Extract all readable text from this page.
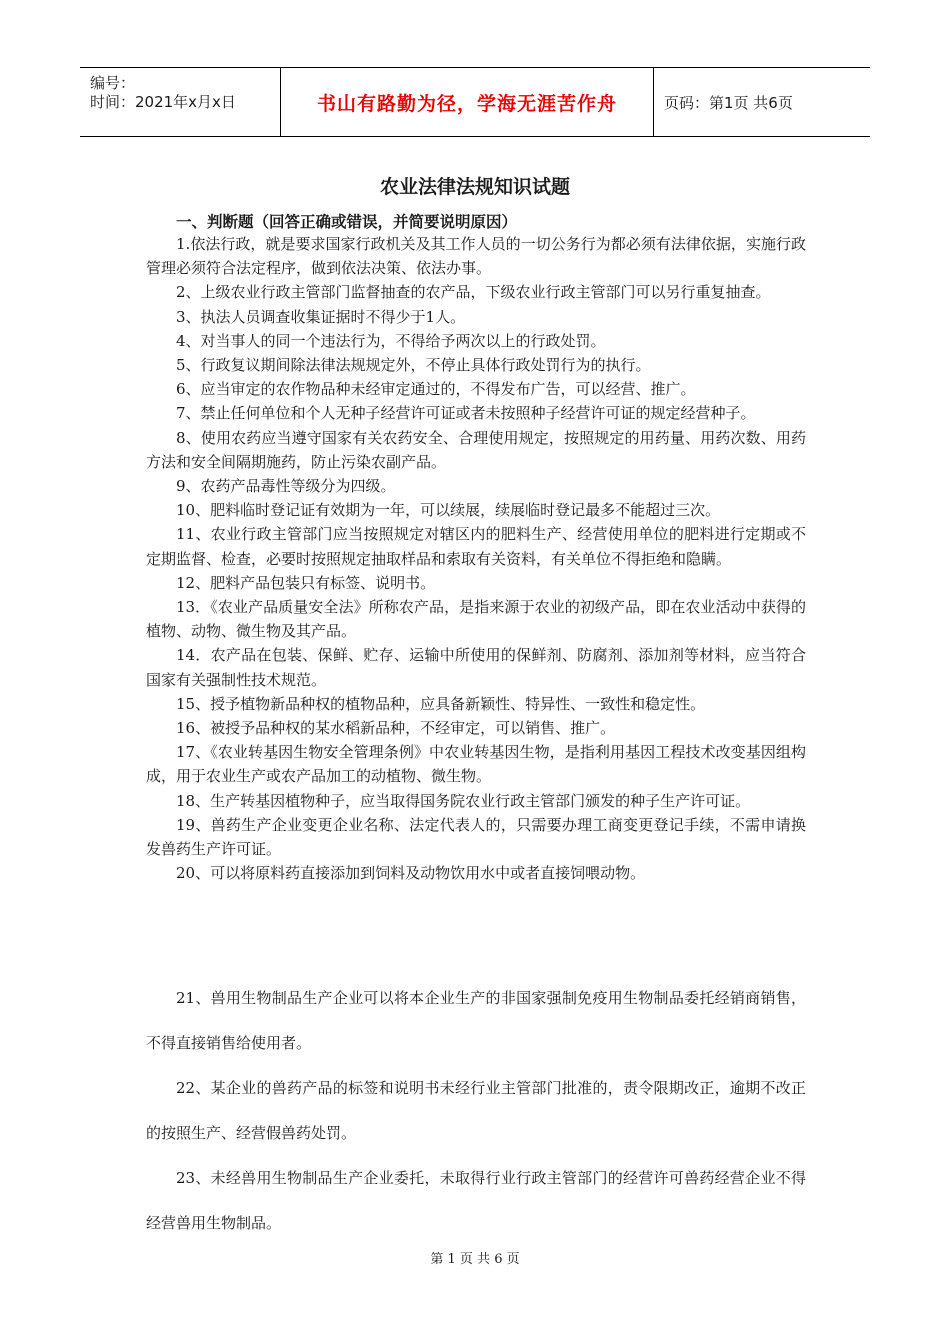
编号：
时间：2021年x月x日	书山有路勤为径，学海无涯苦作舟	页码：第1页 共6页
农业法律法规知识试题
一、判断题（回答正确或错误，并简要说明原因）

1.依法行政，就是要求国家行政机关及其工作人员的一切公务行为都必须有法律依据，实施行政管理必须符合法定程序，做到依法决策、依法办事。

2、上级农业行政主管部门监督抽查的农产品，下级农业行政主管部门可以另行重复抽查。

3、执法人员调查收集证据时不得少于1人。

4、对当事人的同一个违法行为，不得给予两次以上的行政处罚。

5、行政复议期间除法律法规规定外，不停止具体行政处罚行为的执行。

6、应当审定的农作物品种未经审定通过的，不得发布广告，可以经营、推广。

7、禁止任何单位和个人无种子经营许可证或者未按照种子经营许可证的规定经营种子。

8、使用农药应当遵守国家有关农药安全、合理使用规定，按照规定的用药量、用药次数、用药方法和安全间隔期施药，防止污染农副产品。

9、农药产品毒性等级分为四级。

10、肥料临时登记证有效期为一年，可以续展，续展临时登记最多不能超过三次。

11、农业行政主管部门应当按照规定对辖区内的肥料生产、经营使用单位的肥料进行定期或不定期监督、检查，必要时按照规定抽取样品和索取有关资料，有关单位不得拒绝和隐瞒。

12、肥料产品包装只有标签、说明书。

13．《农业产品质量安全法》所称农产品，是指来源于农业的初级产品，即在农业活动中获得的植物、动物、微生物及其产品。

14．农产品在包装、保鲜、贮存、运输中所使用的保鲜剂、防腐剂、添加剂等材料，应当符合国家有关强制性技术规范。

15、授予植物新品种权的植物品种，应具备新颖性、特异性、一致性和稳定性。

16、被授予品种权的某水稻新品种，不经审定，可以销售、推广。

17、《农业转基因生物安全管理条例》中农业转基因生物，是指利用基因工程技术改变基因组构成，用于农业生产或农产品加工的动植物、微生物。

18、生产转基因植物种子，应当取得国务院农业行政主管部门颁发的种子生产许可证。

19、兽药生产企业变更企业名称、法定代表人的，只需要办理工商变更登记手续，不需申请换发兽药生产许可证。

20、可以将原料药直接添加到饲料及动物饮用水中或者直接饲喂动物。

21、兽用生物制品生产企业可以将本企业生产的非国家强制免疫用生物制品委托经销商销售，不得直接销售给使用者。

22、某企业的兽药产品的标签和说明书未经行业主管部门批准的，责令限期改正，逾期不改正的按照生产、经营假兽药处罚。

23、未经兽用生物制品生产企业委托，未取得行业行政主管部门的经营许可兽药经营企业不得经营兽用生物制品。

第 1 页 共 6 页
